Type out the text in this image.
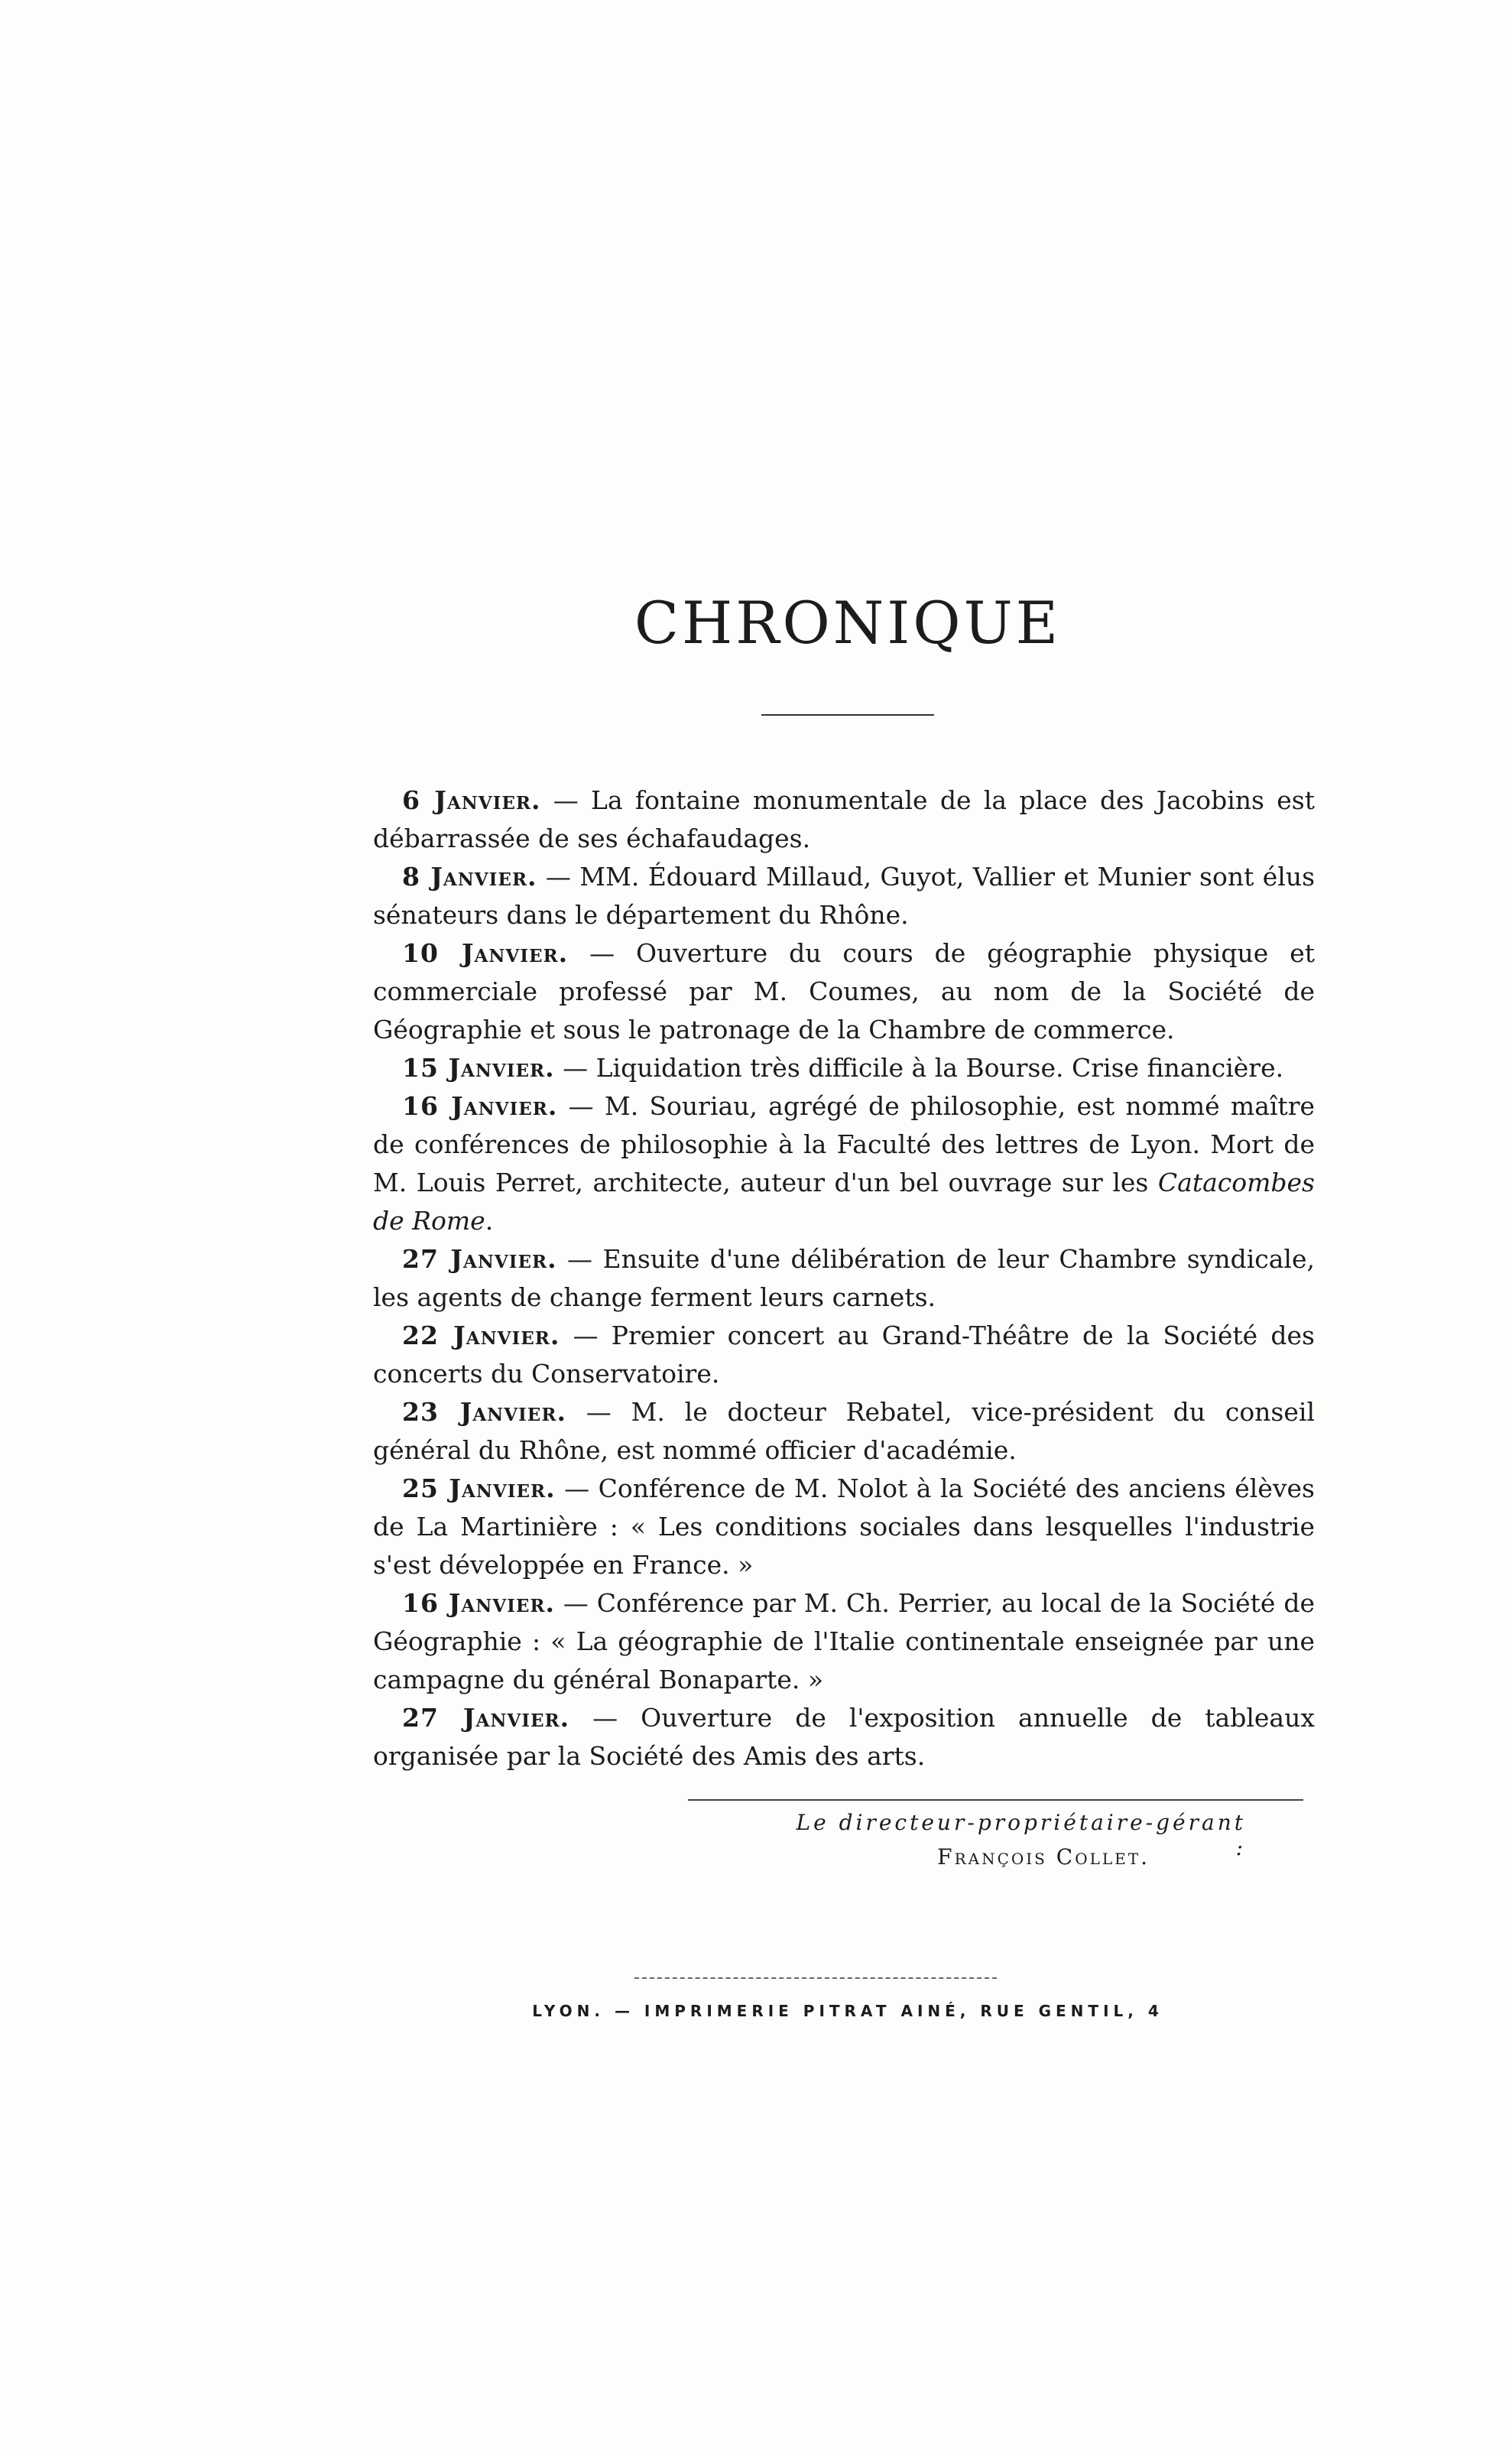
CHRONIQUE

6 Janvier. — La fontaine monumentale de la place des Jacobins est débarrassée de ses échafaudages.

8 Janvier. — MM. Édouard Millaud, Guyot, Vallier et Munier sont élus sénateurs dans le département du Rhône.

10 Janvier. — Ouverture du cours de géographie physique et commerciale professé par M. Coumes, au nom de la Société de Géographie et sous le patronage de la Chambre de commerce.

15 Janvier. — Liquidation très difficile à la Bourse. Crise financière.

16 Janvier. — M. Souriau, agrégé de philosophie, est nommé maître de conférences de philosophie à la Faculté des lettres de Lyon. Mort de M. Louis Perret, architecte, auteur d'un bel ouvrage sur les Catacombes de Rome.

27 Janvier. — Ensuite d'une délibération de leur Chambre syndicale, les agents de change ferment leurs carnets.

22 Janvier. — Premier concert au Grand-Théâtre de la Société des concerts du Conservatoire.

23 Janvier. — M. le docteur Rebatel, vice-président du conseil général du Rhône, est nommé officier d'académie.

25 Janvier. — Conférence de M. Nolot à la Société des anciens élèves de La Martinière : « Les conditions sociales dans lesquelles l'industrie s'est développée en France. »

16 Janvier. — Conférence par M. Ch. Perrier, au local de la Société de Géographie : « La géographie de l'Italie continentale enseignée par une campagne du général Bonaparte. »

27 Janvier. — Ouverture de l'exposition annuelle de tableaux organisée par la Société des Amis des arts.

Le directeur-propriétaire-gérant :
François Collet.
LYON. — IMPRIMERIE PITRAT AINÉ, RUE GENTIL, 4
